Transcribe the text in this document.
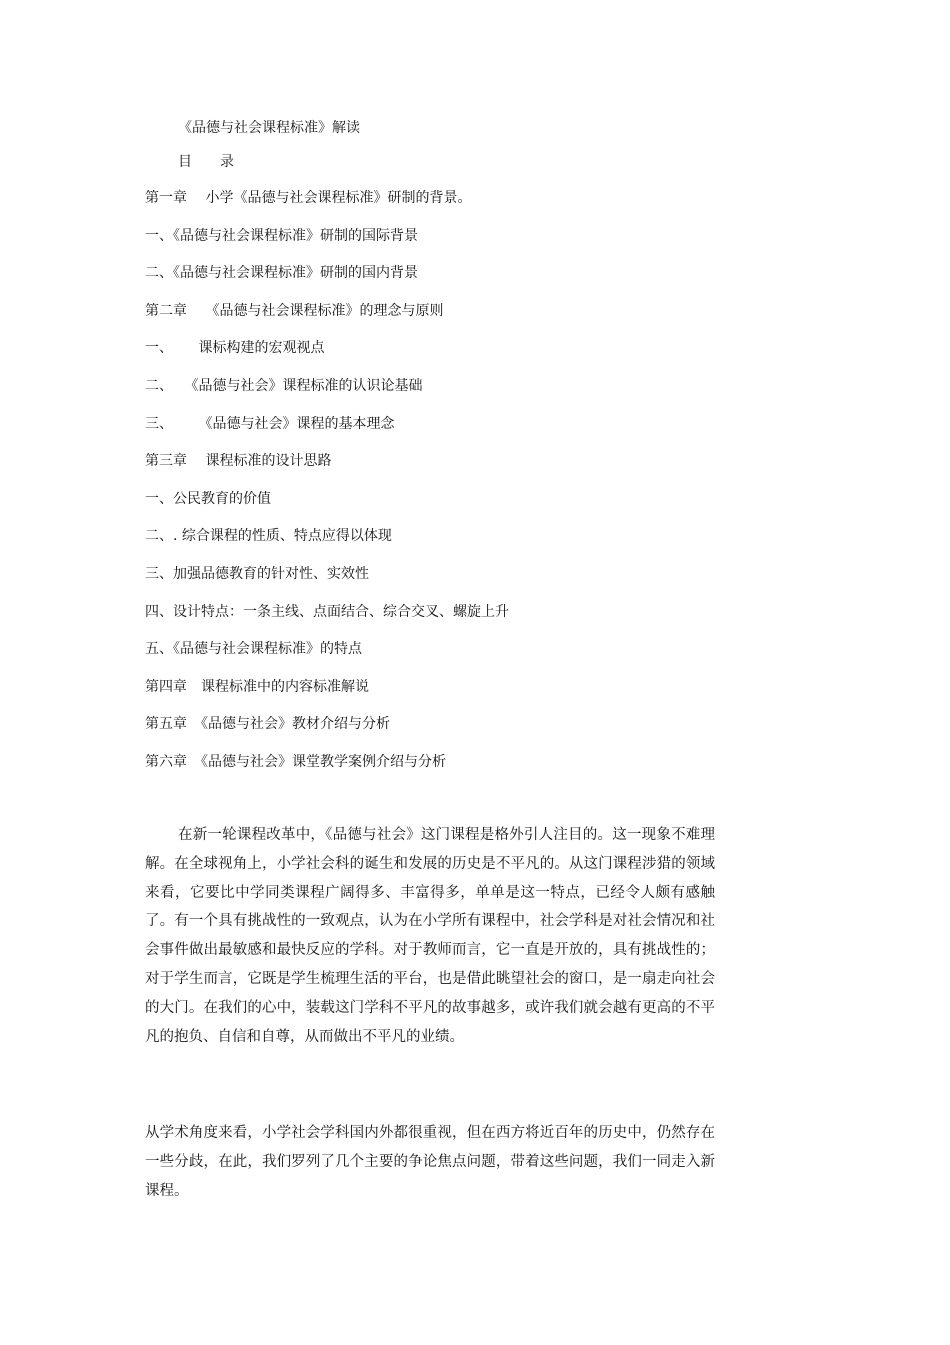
《品德与社会课程标准》解读
目　　录
第一章　 小学《品德与社会课程标准》研制的背景。
一、《品德与社会课程标准》研制的国际背景
二、《品德与社会课程标准》研制的国内背景
第二章　 《品德与社会课程标准》的理念与原则
一、　　 课标构建的宏观视点
二、　 《品德与社会》课程标准的认识论基础
三、　　 《品德与社会》课程的基本理念
第三章　 课程标准的设计思路
一、公民教育的价值
二、. 综合课程的性质、特点应得以体现
三、加强品德教育的针对性、实效性
四、设计特点：一条主线、点面结合、综合交叉、螺旋上升
五、《品德与社会课程标准》的特点
第四章　课程标准中的内容标准解说
第五章　《品德与社会》教材介绍与分析
第六章　《品德与社会》课堂教学案例介绍与分析

在新一轮课程改革中，《品德与社会》这门课程是格外引人注目的。这一现象不难理解。在全球视角上，小学社会科的诞生和发展的历史是不平凡的。从这门课程涉猎的领域来看，它要比中学同类课程广阔得多、丰富得多，单单是这一特点，已经令人颇有感触了。有一个具有挑战性的一致观点，认为在小学所有课程中，社会学科是对社会情况和社会事件做出最敏感和最快反应的学科。对于教师而言，它一直是开放的，具有挑战性的；对于学生而言，它既是学生梳理生活的平台，也是借此眺望社会的窗口，是一扇走向社会的大门。在我们的心中，装载这门学科不平凡的故事越多，或许我们就会越有更高的不平凡的抱负、自信和自尊，从而做出不平凡的业绩。

从学术角度来看，小学社会学科国内外都很重视，但在西方将近百年的历史中，仍然存在一些分歧，在此，我们罗列了几个主要的争论焦点问题，带着这些问题，我们一同走入新课程。
